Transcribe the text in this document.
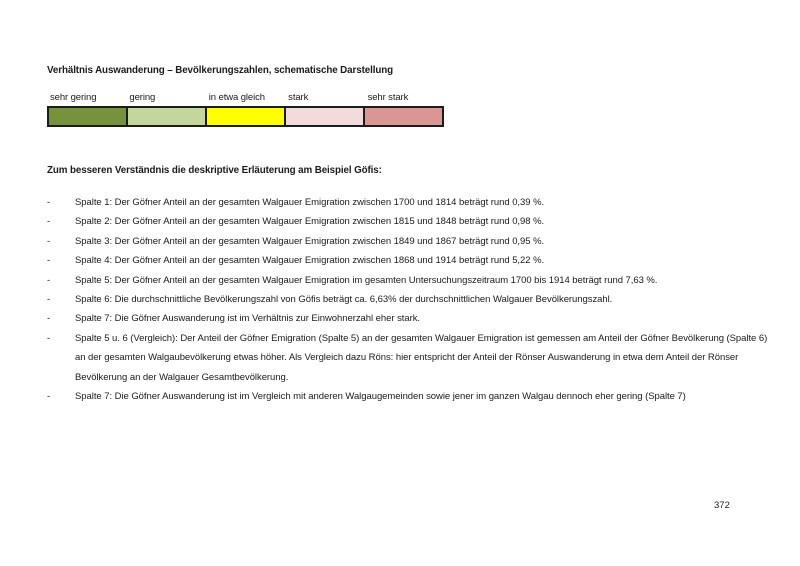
Verhältnis Auswanderung – Bevölkerungszahlen, schematische Darstellung
sehr gering	gering	in etwa gleich	stark	sehr stark
Zum besseren Verständnis die deskriptive Erläuterung am Beispiel Göfis:
-	Spalte 1: Der Göfner Anteil an der gesamten Walgauer Emigration zwischen 1700 und 1814 beträgt rund 0,39 %.
-	Spalte 2: Der Göfner Anteil an der gesamten Walgauer Emigration zwischen 1815 und 1848 beträgt rund 0,98 %.
-	Spalte 3: Der Göfner Anteil an der gesamten Walgauer Emigration zwischen 1849 und 1867 beträgt rund 0,95 %.
-	Spalte 4: Der Göfner Anteil an der gesamten Walgauer Emigration zwischen 1868 und 1914 beträgt rund 5,22 %.
-	Spalte 5: Der Göfner Anteil an der gesamten Walgauer Emigration im gesamten Untersuchungszeitraum 1700 bis 1914 beträgt rund 7,63 %.
-	Spalte 6: Die durchschnittliche Bevölkerungszahl von Göfis beträgt ca. 6,63% der durchschnittlichen Walgauer Bevölkerungszahl.
-	Spalte 7: Die Göfner Auswanderung ist im Verhältnis zur Einwohnerzahl eher stark.
-	Spalte 5 u. 6 (Vergleich): Der Anteil der Göfner Emigration (Spalte 5) an der gesamten Walgauer Emigration ist gemessen am Anteil der Göfner Bevölkerung (Spalte 6) an der gesamten Walgaubevölkerung etwas höher. Als Vergleich dazu Röns: hier entspricht der Anteil der Rönser Auswanderung in etwa dem Anteil der Rönser Bevölkerung an der Walgauer Gesamtbevölkerung.
-	Spalte 7: Die Göfner Auswanderung ist im Vergleich mit anderen Walgaugemeinden sowie jener im ganzen Walgau dennoch eher gering (Spalte 7)
372
